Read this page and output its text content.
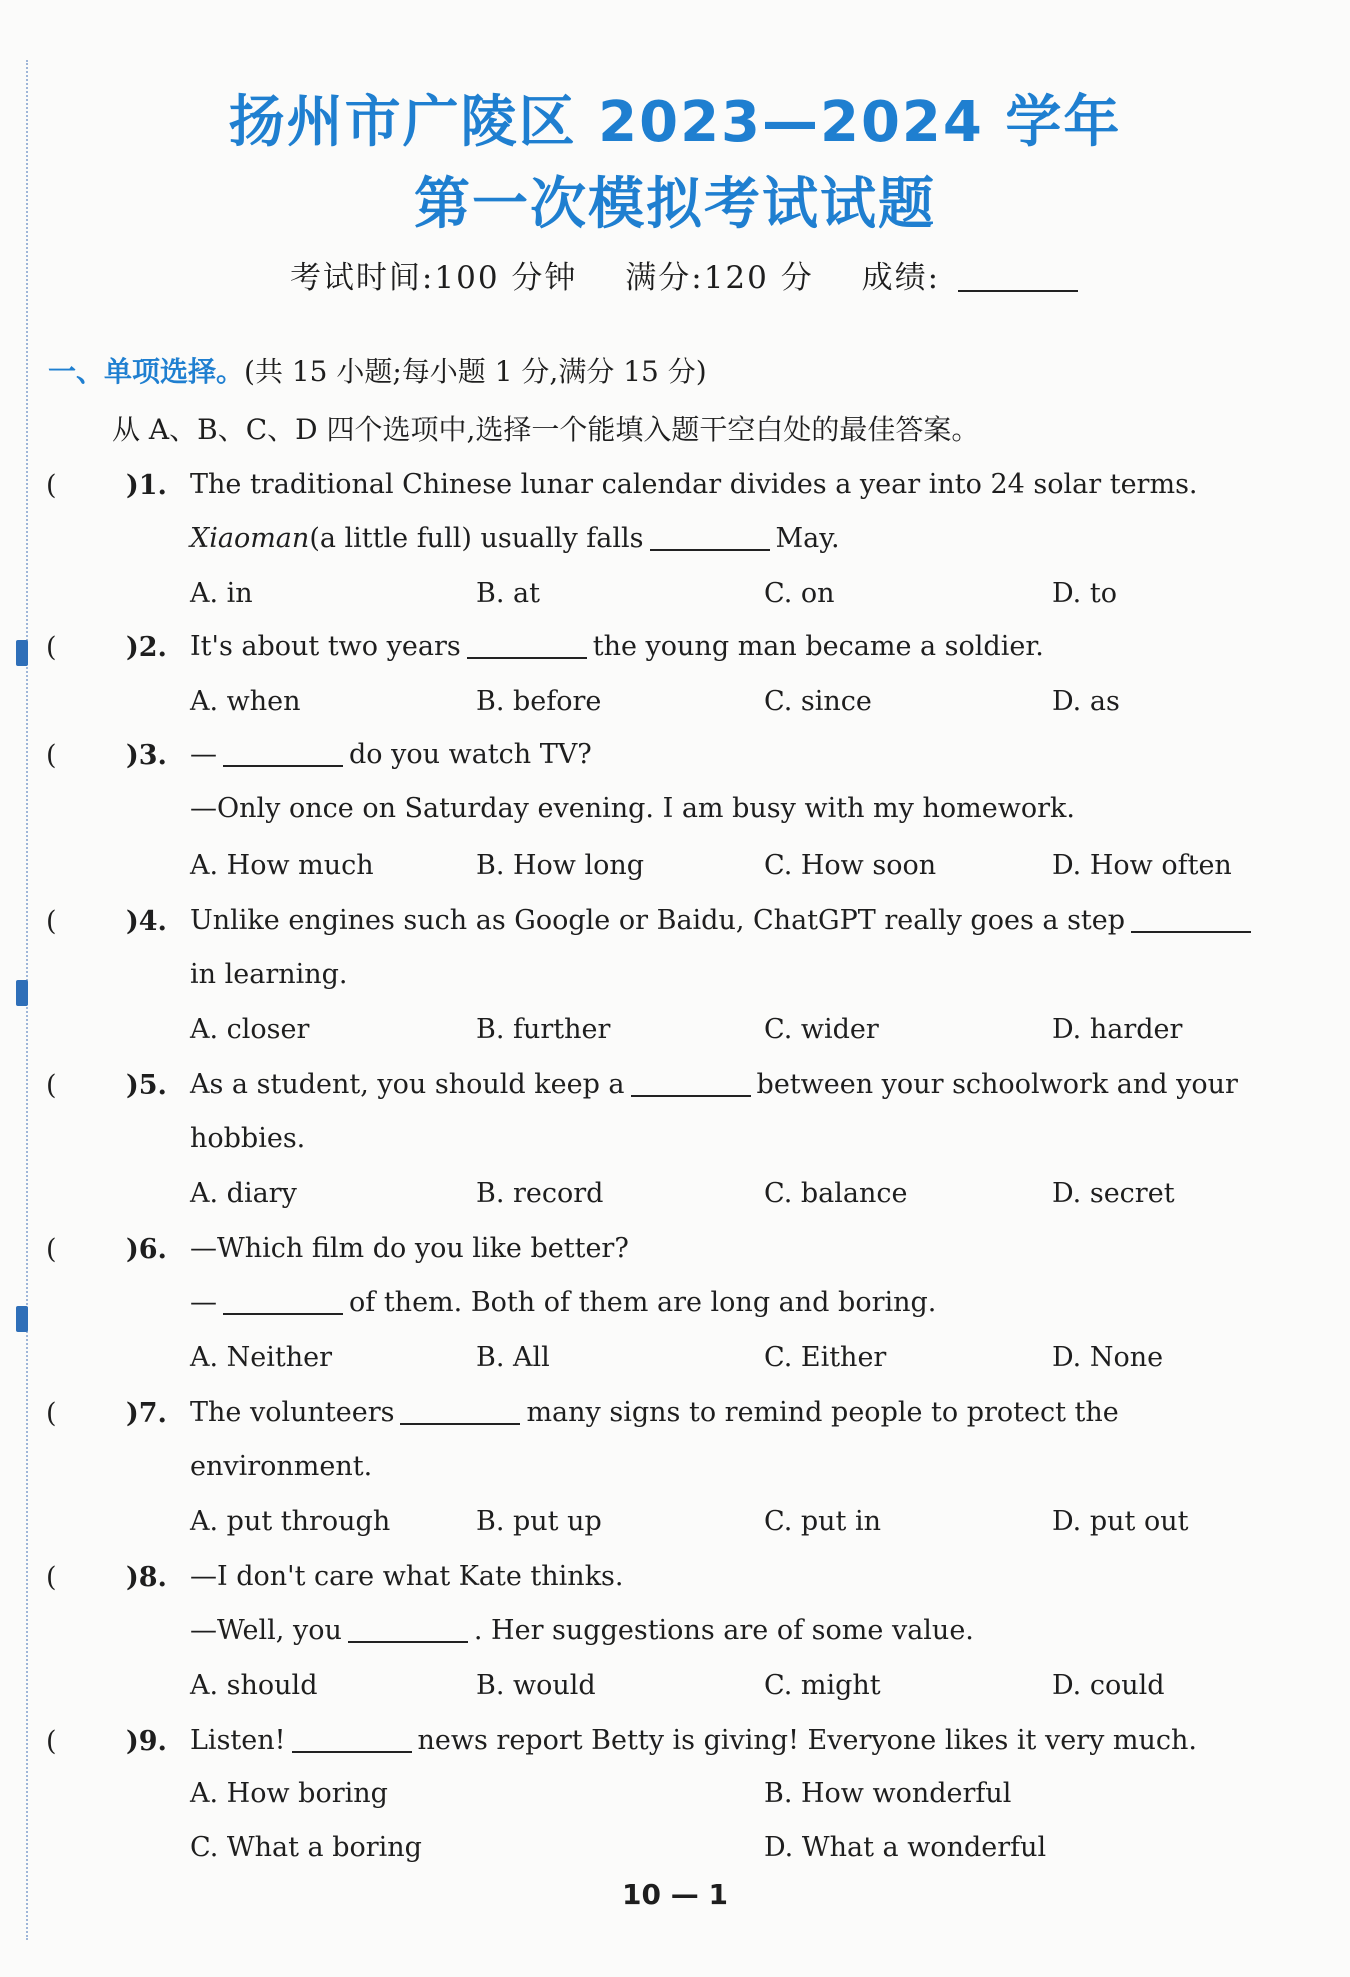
扬州市广陵区 2023—2024 学年
第一次模拟考试试题
考试时间:100 分钟 满分:120 分 成绩:
一、单项选择。(共 15 小题;每小题 1 分,满分 15 分)
从 A、B、C、D 四个选项中,选择一个能填入题干空白处的最佳答案。
(	)1. The traditional Chinese lunar calendar divides a year into 24 solar terms.
Xiaoman(a little full) usually falls	May.
A. in	B. at	C. on	D. to
(	)2. It's about two years	the young man became a soldier.
A. when	B. before	C. since	D. as
(	)3. —	do you watch TV?
—Only once on Saturday evening. I am busy with my homework.
A. How much	B. How long	C. How soon	D. How often
(	)4. Unlike engines such as Google or Baidu, ChatGPT really goes a step
in learning.
A. closer	B. further	C. wider	D. harder
(	)5. As a student, you should keep a	between your schoolwork and your
hobbies.
A. diary	B. record	C. balance	D. secret
(	)6. —Which film do you like better?
—	of them. Both of them are long and boring.
A. Neither	B. All	C. Either	D. None
(	)7. The volunteers	many signs to remind people to protect the
environment.
A. put through	B. put up	C. put in	D. put out
(	)8. —I don't care what Kate thinks.
—Well, you	. Her suggestions are of some value.
A. should	B. would	C. might	D. could
(	)9. Listen!	news report Betty is giving! Everyone likes it very much.
A. How boring	B. How wonderful
C. What a boring	D. What a wonderful
10 — 1
